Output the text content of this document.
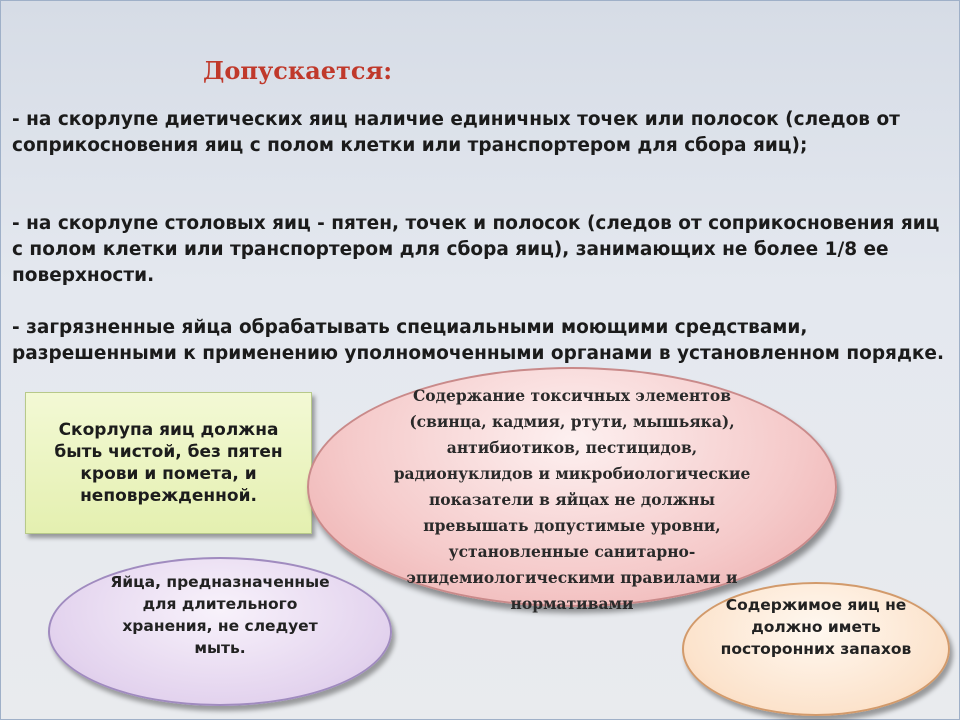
Допускается:

- на скорлупе диетических яиц наличие единичных точек или полосок (следов от соприкосновения яиц с полом клетки или транспортером для сбора яиц);

- на скорлупе столовых яиц - пятен, точек и полосок (следов от соприкосновения яиц с полом клетки или транспортером для сбора яиц), занимающих не более 1/8 ее поверхности.

- загрязненные яйца обрабатывать специальными моющими средствами, разрешенными к применению уполномоченными органами в установленном порядке.

Скорлупа яиц должна быть чистой, без пятен крови и помета, и неповрежденной.
Содержание токсичных элементов (свинца, кадмия, ртути, мышьяка), антибиотиков, пестицидов, радионуклидов и микробиологические показатели в яйцах не должны превышать допустимые уровни, установленные санитарно-эпидемиологическими правилами и нормативами
Яйца, предназначенные для длительного хранения, не следует мыть.
Содержимое яиц не должно иметь посторонних запахов
